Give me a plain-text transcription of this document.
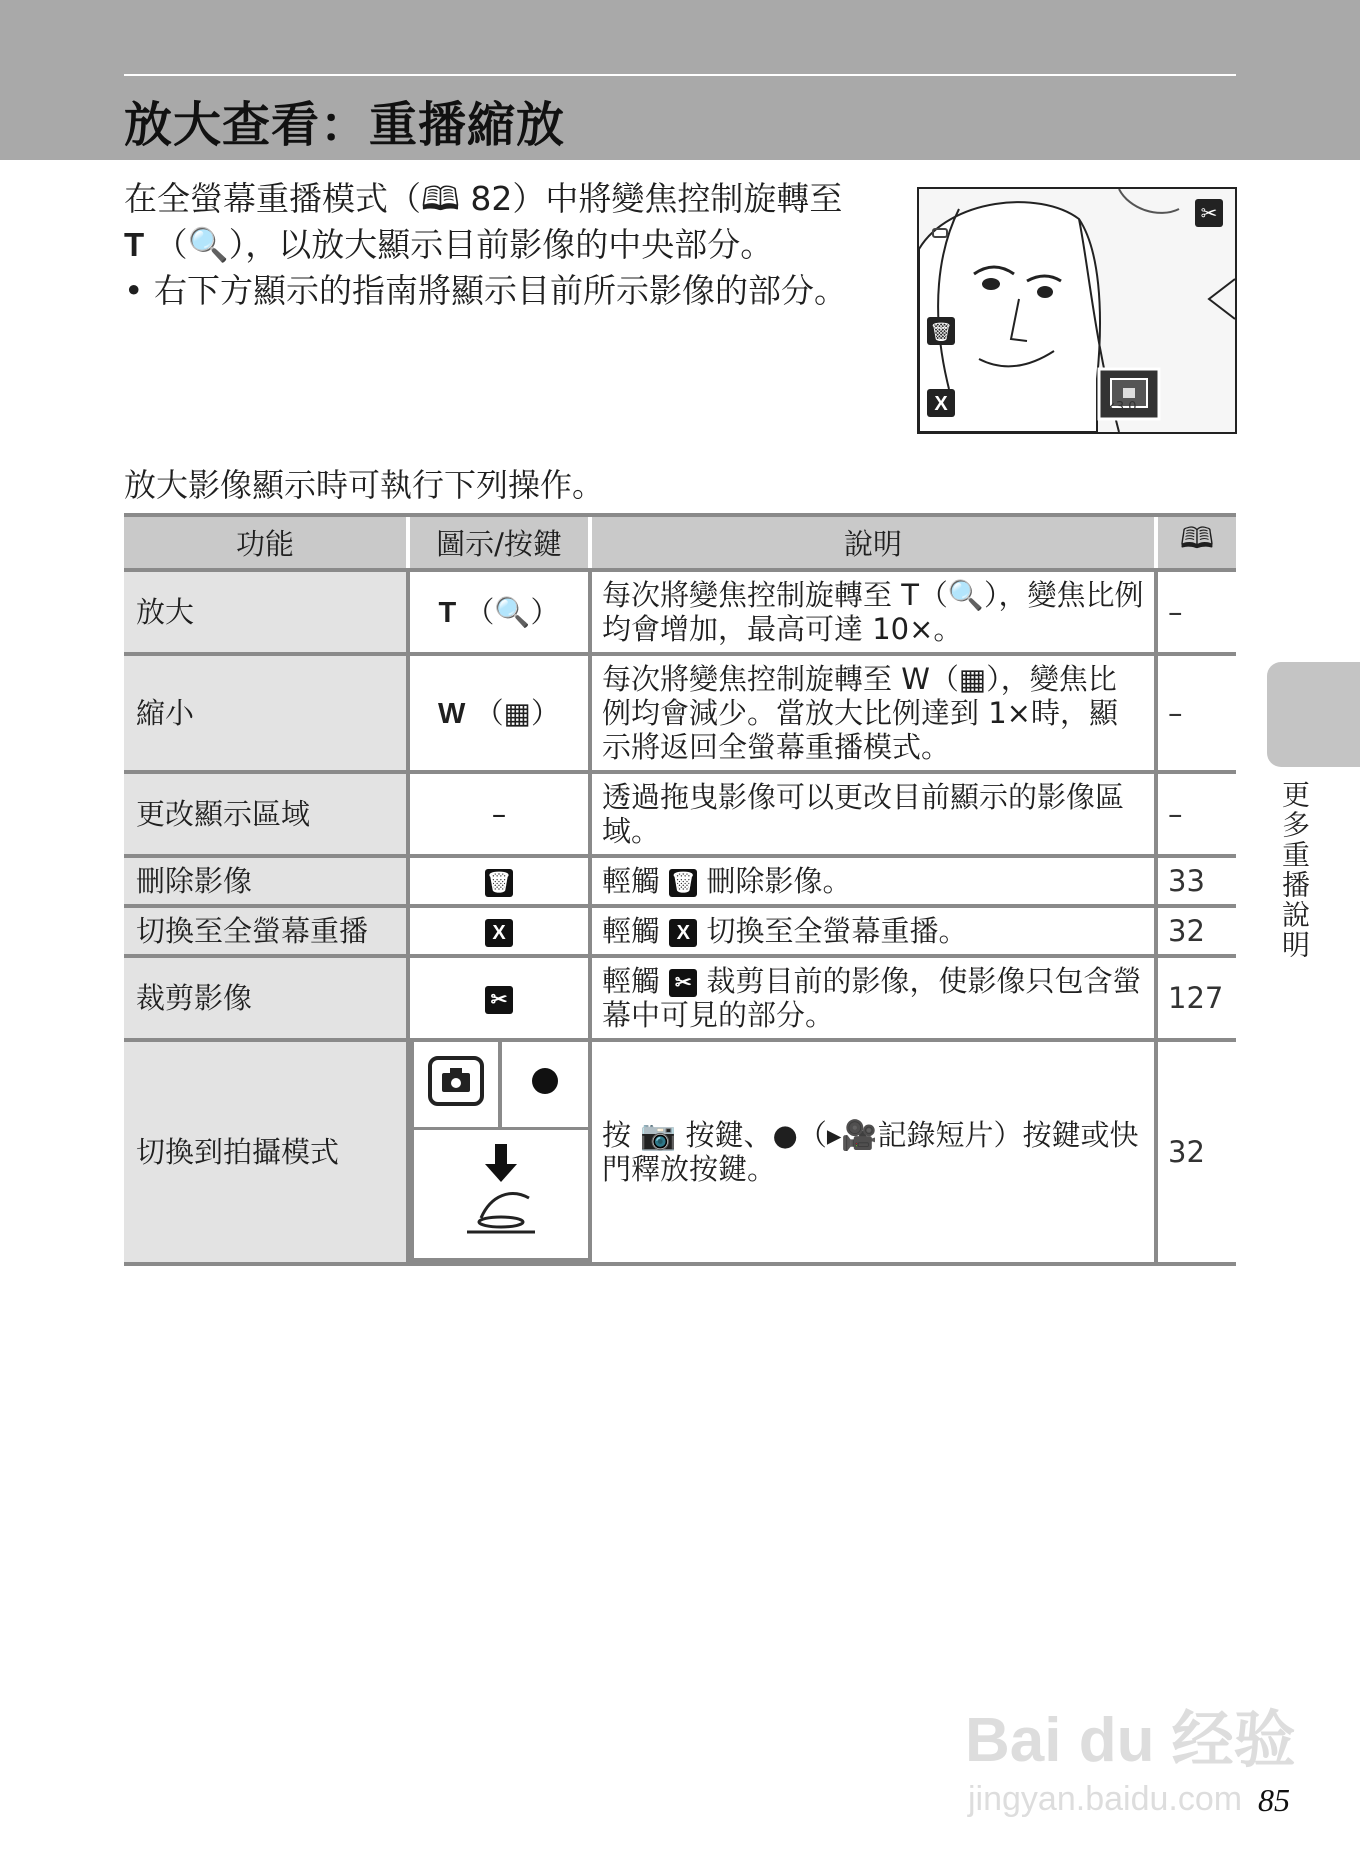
放大查看：重播縮放
在全螢幕重播模式（🕮 82）中將變焦控制旋轉至
T （🔍），以放大顯示目前影像的中央部分。
• 右下方顯示的指南將顯示目前所示影像的部分。
✂
🗑
X	×3.0
放大影像顯示時可執行下列操作。
功能	圖示/按鍵	說明	🕮
放大	T （🔍）	每次將變焦控制旋轉至 T（🔍），變焦比例均會增加，最高可達 10×。	–
縮小	W （▦）	每次將變焦控制旋轉至 W（▦），變焦比例均會減少。當放大比例達到 1×時，顯示將返回全螢幕重播模式。	–
更改顯示區域	–	透過拖曳影像可以更改目前顯示的影像區域。	–
刪除影像	🗑	輕觸 🗑 刪除影像。	33
切換至全螢幕重播	X	輕觸 X 切換至全螢幕重播。	32
裁剪影像	✂	輕觸 ✂ 裁剪目前的影像，使影像只包含螢幕中可見的部分。	127
切換到拍攝模式			按 📷 按鍵、●（▸🎥記錄短片）按鍵或快門釋放按鍵。	32
更多重播說明
Bai du 经验
jingyan.baidu.com 85
